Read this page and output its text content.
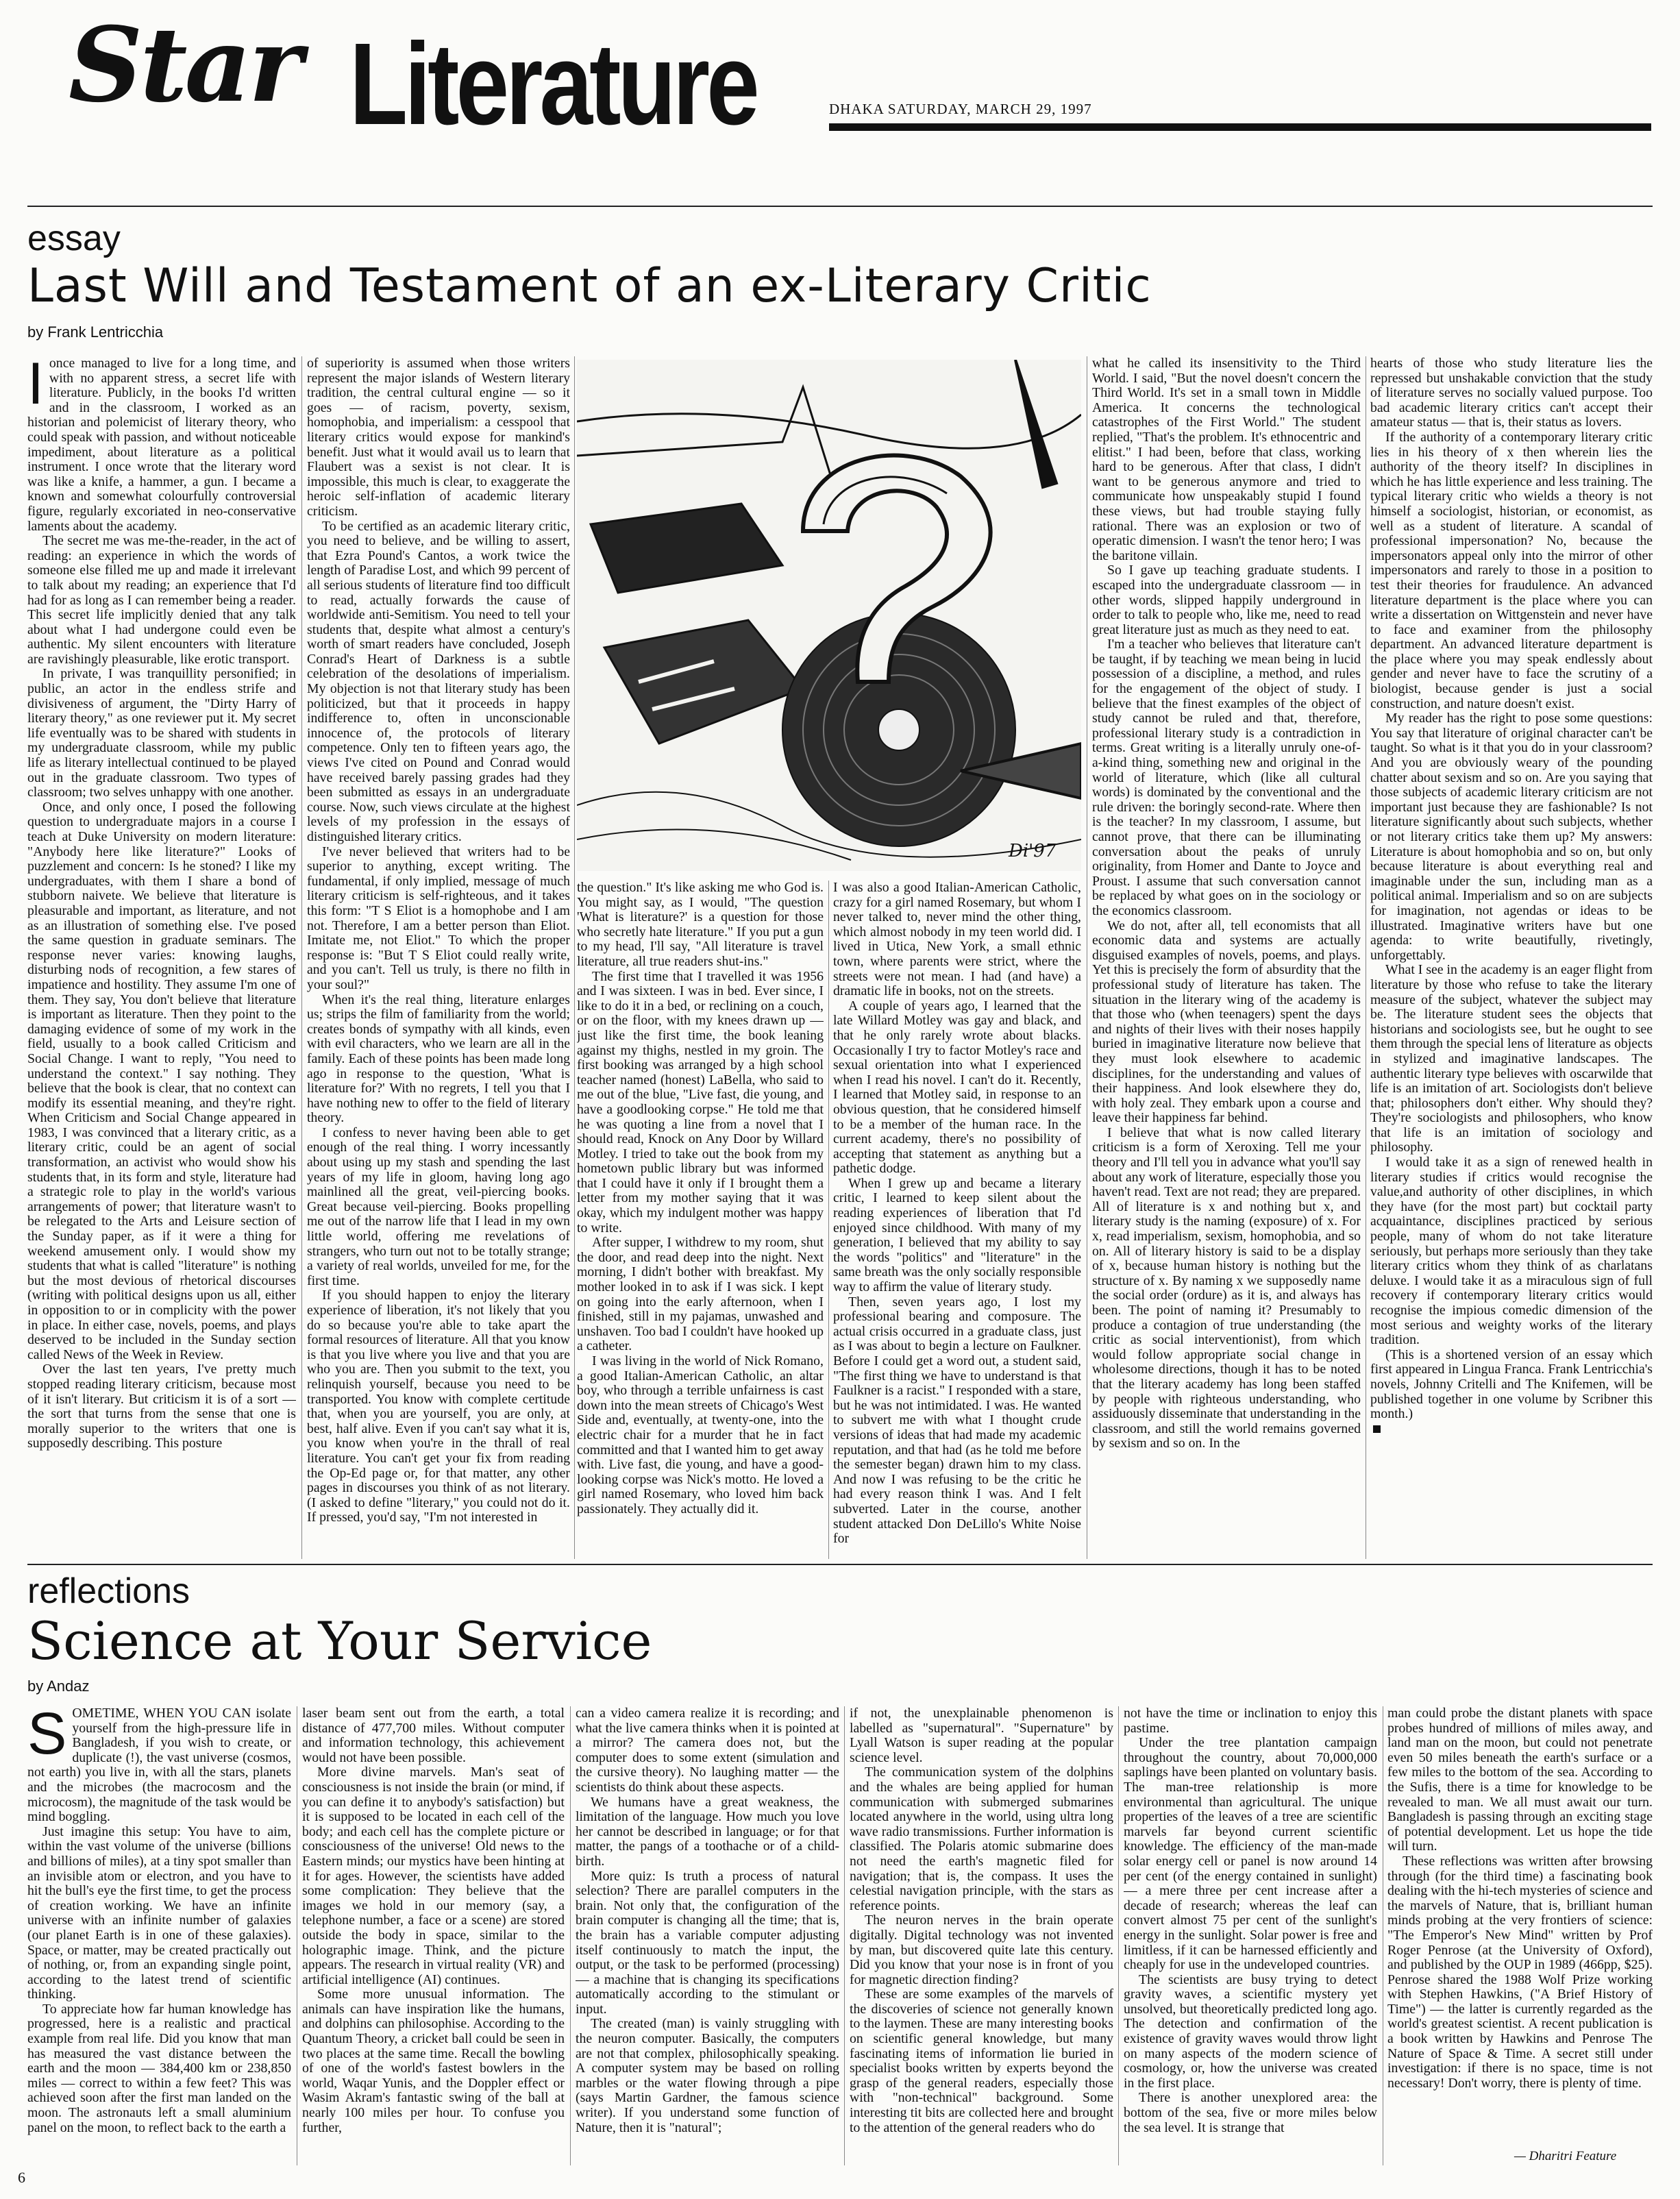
Star Literature	DHAKA SATURDAY, MARCH 29, 1997
essay
Last Will and Testament of an ex-Literary Critic
by Frank Lentricchia
I once managed to live for a long time, and with no apparent stress, a secret life with literature. Publicly, in the books I'd written and in the classroom, I worked as an historian and polemicist of literary theory, who could speak with passion, and without noticeable impediment, about literature as a political instrument. I once wrote that the literary word was like a knife, a hammer, a gun. I became a known and somewhat colourfully controversial figure, regularly excoriated in neo-conservative laments about the academy.

The secret me was me-the-reader, in the act of reading: an experience in which the words of someone else filled me up and made it irrelevant to talk about my reading; an experience that I'd had for as long as I can remember being a reader. This secret life implicitly denied that any talk about what I had undergone could even be authentic. My silent encounters with literature are ravishingly pleasurable, like erotic transport.

In private, I was tranquillity personified; in public, an actor in the endless strife and divisiveness of argument, the "Dirty Harry of literary theory," as one reviewer put it. My secret life eventually was to be shared with students in my undergraduate classroom, while my public life as literary intellectual continued to be played out in the graduate classroom. Two types of classroom; two selves unhappy with one another.

Once, and only once, I posed the following question to undergraduate majors in a course I teach at Duke University on modern literature: "Anybody here like literature?" Looks of puzzlement and concern: Is he stoned? I like my undergraduates, with them I share a bond of stubborn naivete. We believe that literature is pleasurable and important, as literature, and not as an illustration of something else. I've posed the same question in graduate seminars. The response never varies: knowing laughs, disturbing nods of recognition, a few stares of impatience and hostility. They assume I'm one of them. They say, You don't believe that literature is important as literature. Then they point to the damaging evidence of some of my work in the field, usually to a book called Criticism and Social Change. I want to reply, "You need to understand the context." I say nothing. They believe that the book is clear, that no context can modify its essential meaning, and they're right. When Criticism and Social Change appeared in 1983, I was convinced that a literary critic, as a literary critic, could be an agent of social transformation, an activist who would show his students that, in its form and style, literature had a strategic role to play in the world's various arrangements of power; that literature wasn't to be relegated to the Arts and Leisure section of the Sunday paper, as if it were a thing for weekend amusement only. I would show my students that what is called "literature" is nothing but the most devious of rhetorical discourses (writing with political designs upon us all, either in opposition to or in complicity with the power in place. In either case, novels, poems, and plays deserved to be included in the Sunday section called News of the Week in Review.

Over the last ten years, I've pretty much stopped reading literary criticism, because most of it isn't literary. But criticism it is of a sort — the sort that turns from the sense that one is morally superior to the writers that one is supposedly describing. This posture

of superiority is assumed when those writers represent the major islands of Western literary tradition, the central cultural engine — so it goes — of racism, poverty, sexism, homophobia, and imperialism: a cesspool that literary critics would expose for mankind's benefit. Just what it would avail us to learn that Flaubert was a sexist is not clear. It is impossible, this much is clear, to exaggerate the heroic self-inflation of academic literary criticism.

To be certified as an academic literary critic, you need to believe, and be willing to assert, that Ezra Pound's Cantos, a work twice the length of Paradise Lost, and which 99 percent of all serious students of literature find too difficult to read, actually forwards the cause of worldwide anti-Semitism. You need to tell your students that, despite what almost a century's worth of smart readers have concluded, Joseph Conrad's Heart of Darkness is a subtle celebration of the desolations of imperialism. My objection is not that literary study has been politicized, but that it proceeds in happy indifference to, often in unconscionable innocence of, the protocols of literary competence. Only ten to fifteen years ago, the views I've cited on Pound and Conrad would have received barely passing grades had they been submitted as essays in an undergraduate course. Now, such views circulate at the highest levels of my profession in the essays of distinguished literary critics.

I've never believed that writers had to be superior to anything, except writing. The fundamental, if only implied, message of much literary criticism is self-righteous, and it takes this form: "T S Eliot is a homophobe and I am not. Therefore, I am a better person than Eliot. Imitate me, not Eliot." To which the proper response is: "But T S Eliot could really write, and you can't. Tell us truly, is there no filth in your soul?"

When it's the real thing, literature enlarges us; strips the film of familiarity from the world; creates bonds of sympathy with all kinds, even with evil characters, who we learn are all in the family. Each of these points has been made long ago in response to the question, 'What is literature for?' With no regrets, I tell you that I have nothing new to offer to the field of literary theory.

I confess to never having been able to get enough of the real thing. I worry incessantly about using up my stash and spending the last years of my life in gloom, having long ago mainlined all the great, veil-piercing books. Great because veil-piercing. Books propelling me out of the narrow life that I lead in my own little world, offering me revelations of strangers, who turn out not to be totally strange; a variety of real worlds, unveiled for me, for the first time.

If you should happen to enjoy the literary experience of liberation, it's not likely that you do so because you're able to take apart the formal resources of literature. All that you know is that you live where you live and that you are who you are. Then you submit to the text, you relinquish yourself, because you need to be transported. You know with complete certitude that, when you are yourself, you are only, at best, half alive. Even if you can't say what it is, you know when you're in the thrall of real literature. You can't get your fix from reading the Op-Ed page or, for that matter, any other pages in discourses you think of as not literary. (I asked to define "literary," you could not do it. If pressed, you'd say, "I'm not interested in

Di'97

the question." It's like asking me who God is. You might say, as I would, "The question 'What is literature?' is a question for those who secretly hate literature." If you put a gun to my head, I'll say, "All literature is travel literature, all true readers shut-ins."

The first time that I travelled it was 1956 and I was sixteen. I was in bed. Ever since, I like to do it in a bed, or reclining on a couch, or on the floor, with my knees drawn up — just like the first time, the book leaning against my thighs, nestled in my groin. The first booking was arranged by a high school teacher named (honest) LaBella, who said to me out of the blue, "Live fast, die young, and have a goodlooking corpse." He told me that he was quoting a line from a novel that I should read, Knock on Any Door by Willard Motley. I tried to take out the book from my hometown public library but was informed that I could have it only if I brought them a letter from my mother saying that it was okay, which my indulgent mother was happy to write.

After supper, I withdrew to my room, shut the door, and read deep into the night. Next morning, I didn't bother with breakfast. My mother looked in to ask if I was sick. I kept on going into the early afternoon, when I finished, still in my pajamas, unwashed and unshaven. Too bad I couldn't have hooked up a catheter.

I was living in the world of Nick Romano, a good Italian-American Catholic, an altar boy, who through a terrible unfairness is cast down into the mean streets of Chicago's West Side and, eventually, at twenty-one, into the electric chair for a murder that he in fact committed and that I wanted him to get away with. Live fast, die young, and have a good-looking corpse was Nick's motto. He loved a girl named Rosemary, who loved him back passionately. They actually did it.

I was also a good Italian-American Catholic, crazy for a girl named Rosemary, but whom I never talked to, never mind the other thing, which almost nobody in my teen world did. I lived in Utica, New York, a small ethnic town, where parents were strict, where the streets were not mean. I had (and have) a dramatic life in books, not on the streets.

A couple of years ago, I learned that the late Willard Motley was gay and black, and that he only rarely wrote about blacks. Occasionally I try to factor Motley's race and sexual orientation into what I experienced when I read his novel. I can't do it. Recently, I learned that Motley said, in response to an obvious question, that he considered himself to be a member of the human race. In the current academy, there's no possibility of accepting that statement as anything but a pathetic dodge.

When I grew up and became a literary critic, I learned to keep silent about the reading experiences of liberation that I'd enjoyed since childhood. With many of my generation, I believed that my ability to say the words "politics" and "literature" in the same breath was the only socially responsible way to affirm the value of literary study.

Then, seven years ago, I lost my professional bearing and composure. The actual crisis occurred in a graduate class, just as I was about to begin a lecture on Faulkner. Before I could get a word out, a student said, "The first thing we have to understand is that Faulkner is a racist." I responded with a stare, but he was not intimidated. I was. He wanted to subvert me with what I thought crude versions of ideas that had made my academic reputation, and that had (as he told me before the semester began) drawn him to my class. And now I was refusing to be the critic he had every reason think I was. And I felt subverted. Later in the course, another student attacked Don DeLillo's White Noise for

what he called its insensitivity to the Third World. I said, "But the novel doesn't concern the Third World. It's set in a small town in Middle America. It concerns the technological catastrophes of the First World." The student replied, "That's the problem. It's ethnocentric and elitist." I had been, before that class, working hard to be generous. After that class, I didn't want to be generous anymore and tried to communicate how unspeakably stupid I found these views, but had trouble staying fully rational. There was an explosion or two of operatic dimension. I wasn't the tenor hero; I was the baritone villain.

So I gave up teaching graduate students. I escaped into the undergraduate classroom — in other words, slipped happily underground in order to talk to people who, like me, need to read great literature just as much as they need to eat.

I'm a teacher who believes that literature can't be taught, if by teaching we mean being in lucid possession of a discipline, a method, and rules for the engagement of the object of study. I believe that the finest examples of the object of study cannot be ruled and that, therefore, professional literary study is a contradiction in terms. Great writing is a literally unruly one-of-a-kind thing, something new and original in the world of literature, which (like all cultural words) is dominated by the conventional and the rule driven: the boringly second-rate. Where then is the teacher? In my classroom, I assume, but cannot prove, that there can be illuminating conversation about the peaks of unruly originality, from Homer and Dante to Joyce and Proust. I assume that such conversation cannot be replaced by what goes on in the sociology or the economics classroom.

We do not, after all, tell economists that all economic data and systems are actually disguised examples of novels, poems, and plays. Yet this is precisely the form of absurdity that the professional study of literature has taken. The situation in the literary wing of the academy is that those who (when teenagers) spent the days and nights of their lives with their noses happily buried in imaginative literature now believe that they must look elsewhere to academic disciplines, for the understanding and values of their happiness. And look elsewhere they do, with holy zeal. They embark upon a course and leave their happiness far behind.

I believe that what is now called literary criticism is a form of Xeroxing. Tell me your theory and I'll tell you in advance what you'll say about any work of literature, especially those you haven't read. Text are not read; they are prepared. All of literature is x and nothing but x, and literary study is the naming (exposure) of x. For x, read imperialism, sexism, homophobia, and so on. All of literary history is said to be a display of x, because human history is nothing but the structure of x. By naming x we supposedly name the social order (ordure) as it is, and always has been. The point of naming it? Presumably to produce a contagion of true understanding (the critic as social interventionist), from which would follow appropriate social change in wholesome directions, though it has to be noted that the literary academy has long been staffed by people with righteous understanding, who assiduously disseminate that understanding in the classroom, and still the world remains governed by sexism and so on. In the

hearts of those who study literature lies the repressed but unshakable conviction that the study of literature serves no socially valued purpose. Too bad academic literary critics can't accept their amateur status — that is, their status as lovers.

If the authority of a contemporary literary critic lies in his theory of x then wherein lies the authority of the theory itself? In disciplines in which he has little experience and less training. The typical literary critic who wields a theory is not himself a sociologist, historian, or economist, as well as a student of literature. A scandal of professional impersonation? No, because the impersonators appeal only into the mirror of other impersonators and rarely to those in a position to test their theories for fraudulence. An advanced literature department is the place where you can write a dissertation on Wittgenstein and never have to face and examiner from the philosophy department. An advanced literature department is the place where you may speak endlessly about gender and never have to face the scrutiny of a biologist, because gender is just a social construction, and nature doesn't exist.

My reader has the right to pose some questions: You say that literature of original character can't be taught. So what is it that you do in your classroom? And you are obviously weary of the pounding chatter about sexism and so on. Are you saying that those subjects of academic literary criticism are not important just because they are fashionable? Is not literature significantly about such subjects, whether or not literary critics take them up? My answers: Literature is about homophobia and so on, but only because literature is about everything real and imaginable under the sun, including man as a political animal. Imperialism and so on are subjects for imagination, not agendas or ideas to be illustrated. Imaginative writers have but one agenda: to write beautifully, rivetingly, unforgettably.

What I see in the academy is an eager flight from literature by those who refuse to take the literary measure of the subject, whatever the subject may be. The literature student sees the objects that historians and sociologists see, but he ought to see them through the special lens of literature as objects in stylized and imaginative landscapes. The authentic literary type believes with oscarwilde that life is an imitation of art. Sociologists don't believe that; philosophers don't either. Why should they? They're sociologists and philosophers, who know that life is an imitation of sociology and philosophy.

I would take it as a sign of renewed health in literary studies if critics would recognise the value,and authority of other disciplines, in which they have (for the most part) but cocktail party acquaintance, disciplines practiced by serious people, many of whom do not take literature seriously, but perhaps more seriously than they take literary critics whom they think of as charlatans deluxe. I would take it as a miraculous sign of full recovery if contemporary literary critics would recognise the impious comedic dimension of the most serious and weighty works of the literary tradition.

(This is a shortened version of an essay which first appeared in Lingua Franca. Frank Lentricchia's novels, Johnny Critelli and The Knifemen, will be published together in one volume by Scribner this month.)

reflections
Science at Your Service
by Andaz
S OMETIME, WHEN YOU CAN isolate yourself from the high-pressure life in Bangladesh, if you wish to create, or duplicate (!), the vast universe (cosmos, not earth) you live in, with all the stars, planets and the microbes (the macrocosm and the microcosm), the magnitude of the task would be mind boggling.

Just imagine this setup: You have to aim, within the vast volume of the universe (billions and billions of miles), at a tiny spot smaller than an invisible atom or electron, and you have to hit the bull's eye the first time, to get the process of creation working. We have an infinite universe with an infinite number of galaxies (our planet Earth is in one of these galaxies). Space, or matter, may be created practically out of nothing, or, from an expanding single point, according to the latest trend of scientific thinking.

To appreciate how far human knowledge has progressed, here is a realistic and practical example from real life. Did you know that man has measured the vast distance between the earth and the moon — 384,400 km or 238,850 miles — correct to within a few feet? This was achieved soon after the first man landed on the moon. The astronauts left a small aluminium panel on the moon, to reflect back to the earth a

laser beam sent out from the earth, a total distance of 477,700 miles. Without computer and information technology, this achievement would not have been possible.

More divine marvels. Man's seat of consciousness is not inside the brain (or mind, if you can define it to anybody's satisfaction) but it is supposed to be located in each cell of the body; and each cell has the complete picture or consciousness of the universe! Old news to the Eastern minds; our mystics have been hinting at it for ages. However, the scientists have added some complication: They believe that the images we hold in our memory (say, a telephone number, a face or a scene) are stored outside the body in space, similar to the holographic image. Think, and the picture appears. The research in virtual reality (VR) and artificial intelligence (AI) continues.

Some more unusual information. The animals can have inspiration like the humans, and dolphins can philosophise. According to the Quantum Theory, a cricket ball could be seen in two places at the same time. Recall the bowling of one of the world's fastest bowlers in the world, Waqar Yunis, and the Doppler effect or Wasim Akram's fantastic swing of the ball at nearly 100 miles per hour. To confuse you further,

can a video camera realize it is recording; and what the live camera thinks when it is pointed at a mirror? The camera does not, but the computer does to some extent (simulation and the cursive theory). No laughing matter — the scientists do think about these aspects.

We humans have a great weakness, the limitation of the language. How much you love her cannot be described in language; or for that matter, the pangs of a toothache or of a child-birth.

More quiz: Is truth a process of natural selection? There are parallel computers in the brain. Not only that, the configuration of the brain computer is changing all the time; that is, the brain has a variable computer adjusting itself continuously to match the input, the output, or the task to be performed (processing) — a machine that is changing its specifications automatically according to the stimulant or input.

The created (man) is vainly struggling with the neuron computer. Basically, the computers are not that complex, philosophically speaking. A computer system may be based on rolling marbles or the water flowing through a pipe (says Martin Gardner, the famous science writer). If you understand some function of Nature, then it is "natural";

if not, the unexplainable phenomenon is labelled as "supernatural". "Supernature" by Lyall Watson is super reading at the popular science level.

The communication system of the dolphins and the whales are being applied for human communication with submerged submarines located anywhere in the world, using ultra long wave radio transmissions. Further information is classified. The Polaris atomic submarine does not need the earth's magnetic filed for navigation; that is, the compass. It uses the celestial navigation principle, with the stars as reference points.

The neuron nerves in the brain operate digitally. Digital technology was not invented by man, but discovered quite late this century. Did you know that your nose is in front of you for magnetic direction finding?

These are some examples of the marvels of the discoveries of science not generally known to the laymen. These are many interesting books on scientific general knowledge, but many fascinating items of information lie buried in specialist books written by experts beyond the grasp of the general readers, especially those with "non-technical" background. Some interesting tit bits are collected here and brought to the attention of the general readers who do

not have the time or inclination to enjoy this pastime.

Under the tree plantation campaign throughout the country, about 70,000,000 saplings have been planted on voluntary basis. The man-tree relationship is more environmental than agricultural. The unique properties of the leaves of a tree are scientific marvels far beyond current scientific knowledge. The efficiency of the man-made solar energy cell or panel is now around 14 per cent (of the energy contained in sunlight) — a mere three per cent increase after a decade of research; whereas the leaf can convert almost 75 per cent of the sunlight's energy in the sunlight. Solar power is free and limitless, if it can be harnessed efficiently and cheaply for use in the undeveloped countries.

The scientists are busy trying to detect gravity waves, a scientific mystery yet unsolved, but theoretically predicted long ago. The detection and confirmation of the existence of gravity waves would throw light on many aspects of the modern science of cosmology, or, how the universe was created in the first place.

There is another unexplored area: the bottom of the sea, five or more miles below the sea level. It is strange that

man could probe the distant planets with space probes hundred of millions of miles away, and land man on the moon, but could not penetrate even 50 miles beneath the earth's surface or a few miles to the bottom of the sea. According to the Sufis, there is a time for knowledge to be revealed to man. We all must await our turn. Bangladesh is passing through an exciting stage of potential development. Let us hope the tide will turn.

These reflections was written after browsing through (for the third time) a fascinating book dealing with the hi-tech mysteries of science and the marvels of Nature, that is, brilliant human minds probing at the very frontiers of science: "The Emperor's New Mind" written by Prof Roger Penrose (at the University of Oxford), and published by the OUP in 1989 (466pp, $25). Penrose shared the 1988 Wolf Prize working with Stephen Hawkins, ("A Brief History of Time") — the latter is currently regarded as the world's greatest scientist. A recent publication is a book written by Hawkins and Penrose The Nature of Space & Time. A secret still under investigation: if there is no space, time is not necessary! Don't worry, there is plenty of time.

— Dharitri Feature
6
